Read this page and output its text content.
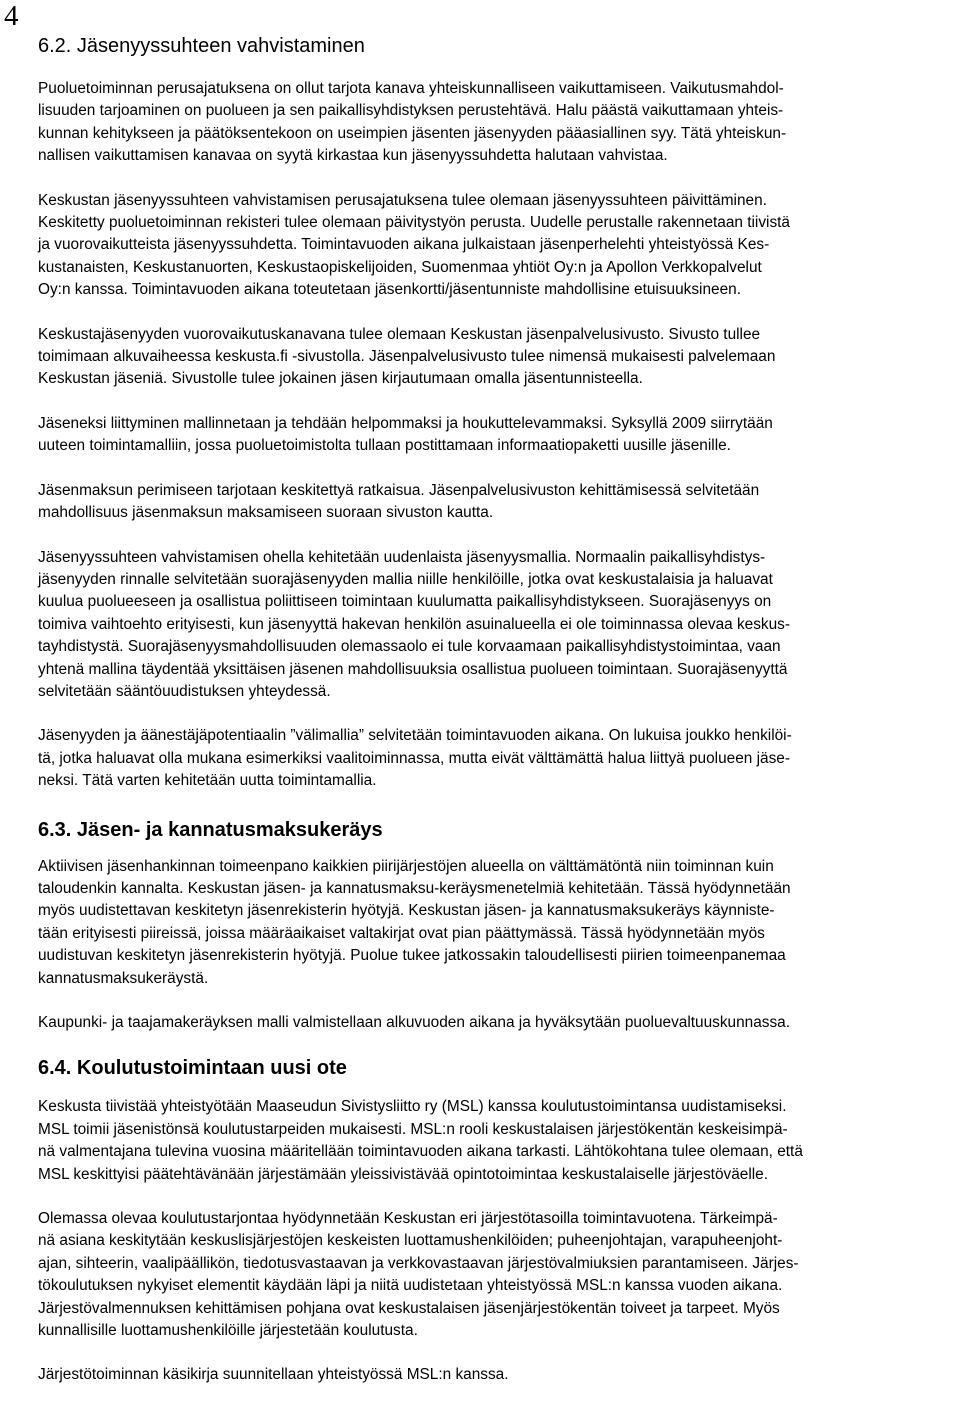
4
6.2. Jäsenyyssuhteen vahvistaminen

Puoluetoiminnan perusajatuksena on ollut tarjota kanava yhteiskunnalliseen vaikuttamiseen. Vaikutusmahdol-
lisuuden tarjoaminen on puolueen ja sen paikallisyhdistyksen perustehtävä. Halu päästä vaikuttamaan yhteis-
kunnan kehitykseen ja päätöksentekoon on useimpien jäsenten jäsenyyden pääasiallinen syy. Tätä yhteiskun-
nallisen vaikuttamisen kanavaa on syytä kirkastaa kun jäsenyyssuhdetta halutaan vahvistaa.

Keskustan jäsenyyssuhteen vahvistamisen perusajatuksena tulee olemaan jäsenyyssuhteen päivittäminen.
Keskitetty puoluetoiminnan rekisteri tulee olemaan päivitystyön perusta. Uudelle perustalle rakennetaan tiivistä
ja vuorovaikutteista jäsenyyssuhdetta. Toimintavuoden aikana julkaistaan jäsenperhelehti yhteistyössä Kes-
kustanaisten, Keskustanuorten, Keskustaopiskelijoiden, Suomenmaa yhtiöt Oy:n ja Apollon Verkkopalvelut
Oy:n kanssa. Toimintavuoden aikana toteutetaan jäsenkortti/jäsentunniste mahdollisine etuisuuksineen.

Keskustajäsenyyden vuorovaikutuskanavana tulee olemaan Keskustan jäsenpalvelusivusto. Sivusto tullee
toimimaan alkuvaiheessa keskusta.fi -sivustolla. Jäsenpalvelusivusto tulee nimensä mukaisesti palvelemaan
Keskustan jäseniä. Sivustolle tulee jokainen jäsen kirjautumaan omalla jäsentunnisteella.

Jäseneksi liittyminen mallinnetaan ja tehdään helpommaksi ja houkuttelevammaksi. Syksyllä 2009 siirrytään
uuteen toimintamalliin, jossa puoluetoimistolta tullaan postittamaan informaatiopaketti uusille jäsenille.

Jäsenmaksun perimiseen tarjotaan keskitettyä ratkaisua. Jäsenpalvelusivuston kehittämisessä selvitetään
mahdollisuus jäsenmaksun maksamiseen suoraan sivuston kautta.

Jäsenyyssuhteen vahvistamisen ohella kehitetään uudenlaista jäsenyysmallia. Normaalin paikallisyhdistys-
jäsenyyden rinnalle selvitetään suorajäsenyyden mallia niille henkilöille, jotka ovat keskustalaisia ja haluavat
kuulua puolueeseen ja osallistua poliittiseen toimintaan kuulumatta paikallisyhdistykseen. Suorajäsenyys on
toimiva vaihtoehto erityisesti, kun jäsenyyttä hakevan henkilön asuinalueella ei ole toiminnassa olevaa keskus-
tayhdistystä. Suorajäsenyysmahdollisuuden olemassaolo ei tule korvaamaan paikallisyhdistystoimintaa, vaan
yhtenä mallina täydentää yksittäisen jäsenen mahdollisuuksia osallistua puolueen toimintaan. Suorajäsenyyttä
selvitetään sääntöuudistuksen yhteydessä.

Jäsenyyden ja äänestäjäpotentiaalin ”välimallia” selvitetään toimintavuoden aikana. On lukuisa joukko henkilöi-
tä, jotka haluavat olla mukana esimerkiksi vaalitoiminnassa, mutta eivät välttämättä halua liittyä puolueen jäse-
neksi. Tätä varten kehitetään uutta toimintamallia.

6.3. Jäsen- ja kannatusmaksukeräys

Aktiivisen jäsenhankinnan toimeenpano kaikkien piirijärjestöjen alueella on välttämätöntä niin toiminnan kuin
taloudenkin kannalta. Keskustan jäsen- ja kannatusmaksu-keräysmenetelmiä kehitetään. Tässä hyödynnetään
myös uudistettavan keskitetyn jäsenrekisterin hyötyjä. Keskustan jäsen- ja kannatusmaksukeräys käynniste-
tään erityisesti piireissä, joissa määräaikaiset valtakirjat ovat pian päättymässä. Tässä hyödynnetään myös
uudistuvan keskitetyn jäsenrekisterin hyötyjä. Puolue tukee jatkossakin taloudellisesti piirien toimeenpanemaa
kannatusmaksukeräystä.

Kaupunki- ja taajamakeräyksen malli valmistellaan alkuvuoden aikana ja hyväksytään puoluevaltuuskunnassa.

6.4. Koulutustoimintaan uusi ote

Keskusta tiivistää yhteistyötään Maaseudun Sivistysliitto ry (MSL) kanssa koulutustoimintansa uudistamiseksi.
MSL toimii jäsenistönsä koulutustarpeiden mukaisesti. MSL:n rooli keskustalaisen järjestökentän keskeisimpä-
nä valmentajana tulevina vuosina määritellään toimintavuoden aikana tarkasti. Lähtökohtana tulee olemaan, että
MSL keskittyisi päätehtävänään järjestämään yleissivistävää opintotoimintaa keskustalaiselle järjestöväelle.

Olemassa olevaa koulutustarjontaa hyödynnetään Keskustan eri järjestötasoilla toimintavuotena. Tärkeimpä-
nä asiana keskitytään keskuslisjärjestöjen keskeisten luottamushenkilöiden; puheenjohtajan, varapuheenjoht-
ajan, sihteerin, vaalipäällikön, tiedotusvastaavan ja verkkovastaavan järjestövalmiuksien parantamiseen. Järjes-
tökoulutuksen nykyiset elementit käydään läpi ja niitä uudistetaan yhteistyössä MSL:n kanssa vuoden aikana.
Järjestövalmennuksen kehittämisen pohjana ovat keskustalaisen jäsenjärjestökentän toiveet ja tarpeet. Myös
kunnallisille luottamushenkilöille järjestetään koulutusta.

Järjestötoiminnan käsikirja suunnitellaan yhteistyössä MSL:n kanssa.
